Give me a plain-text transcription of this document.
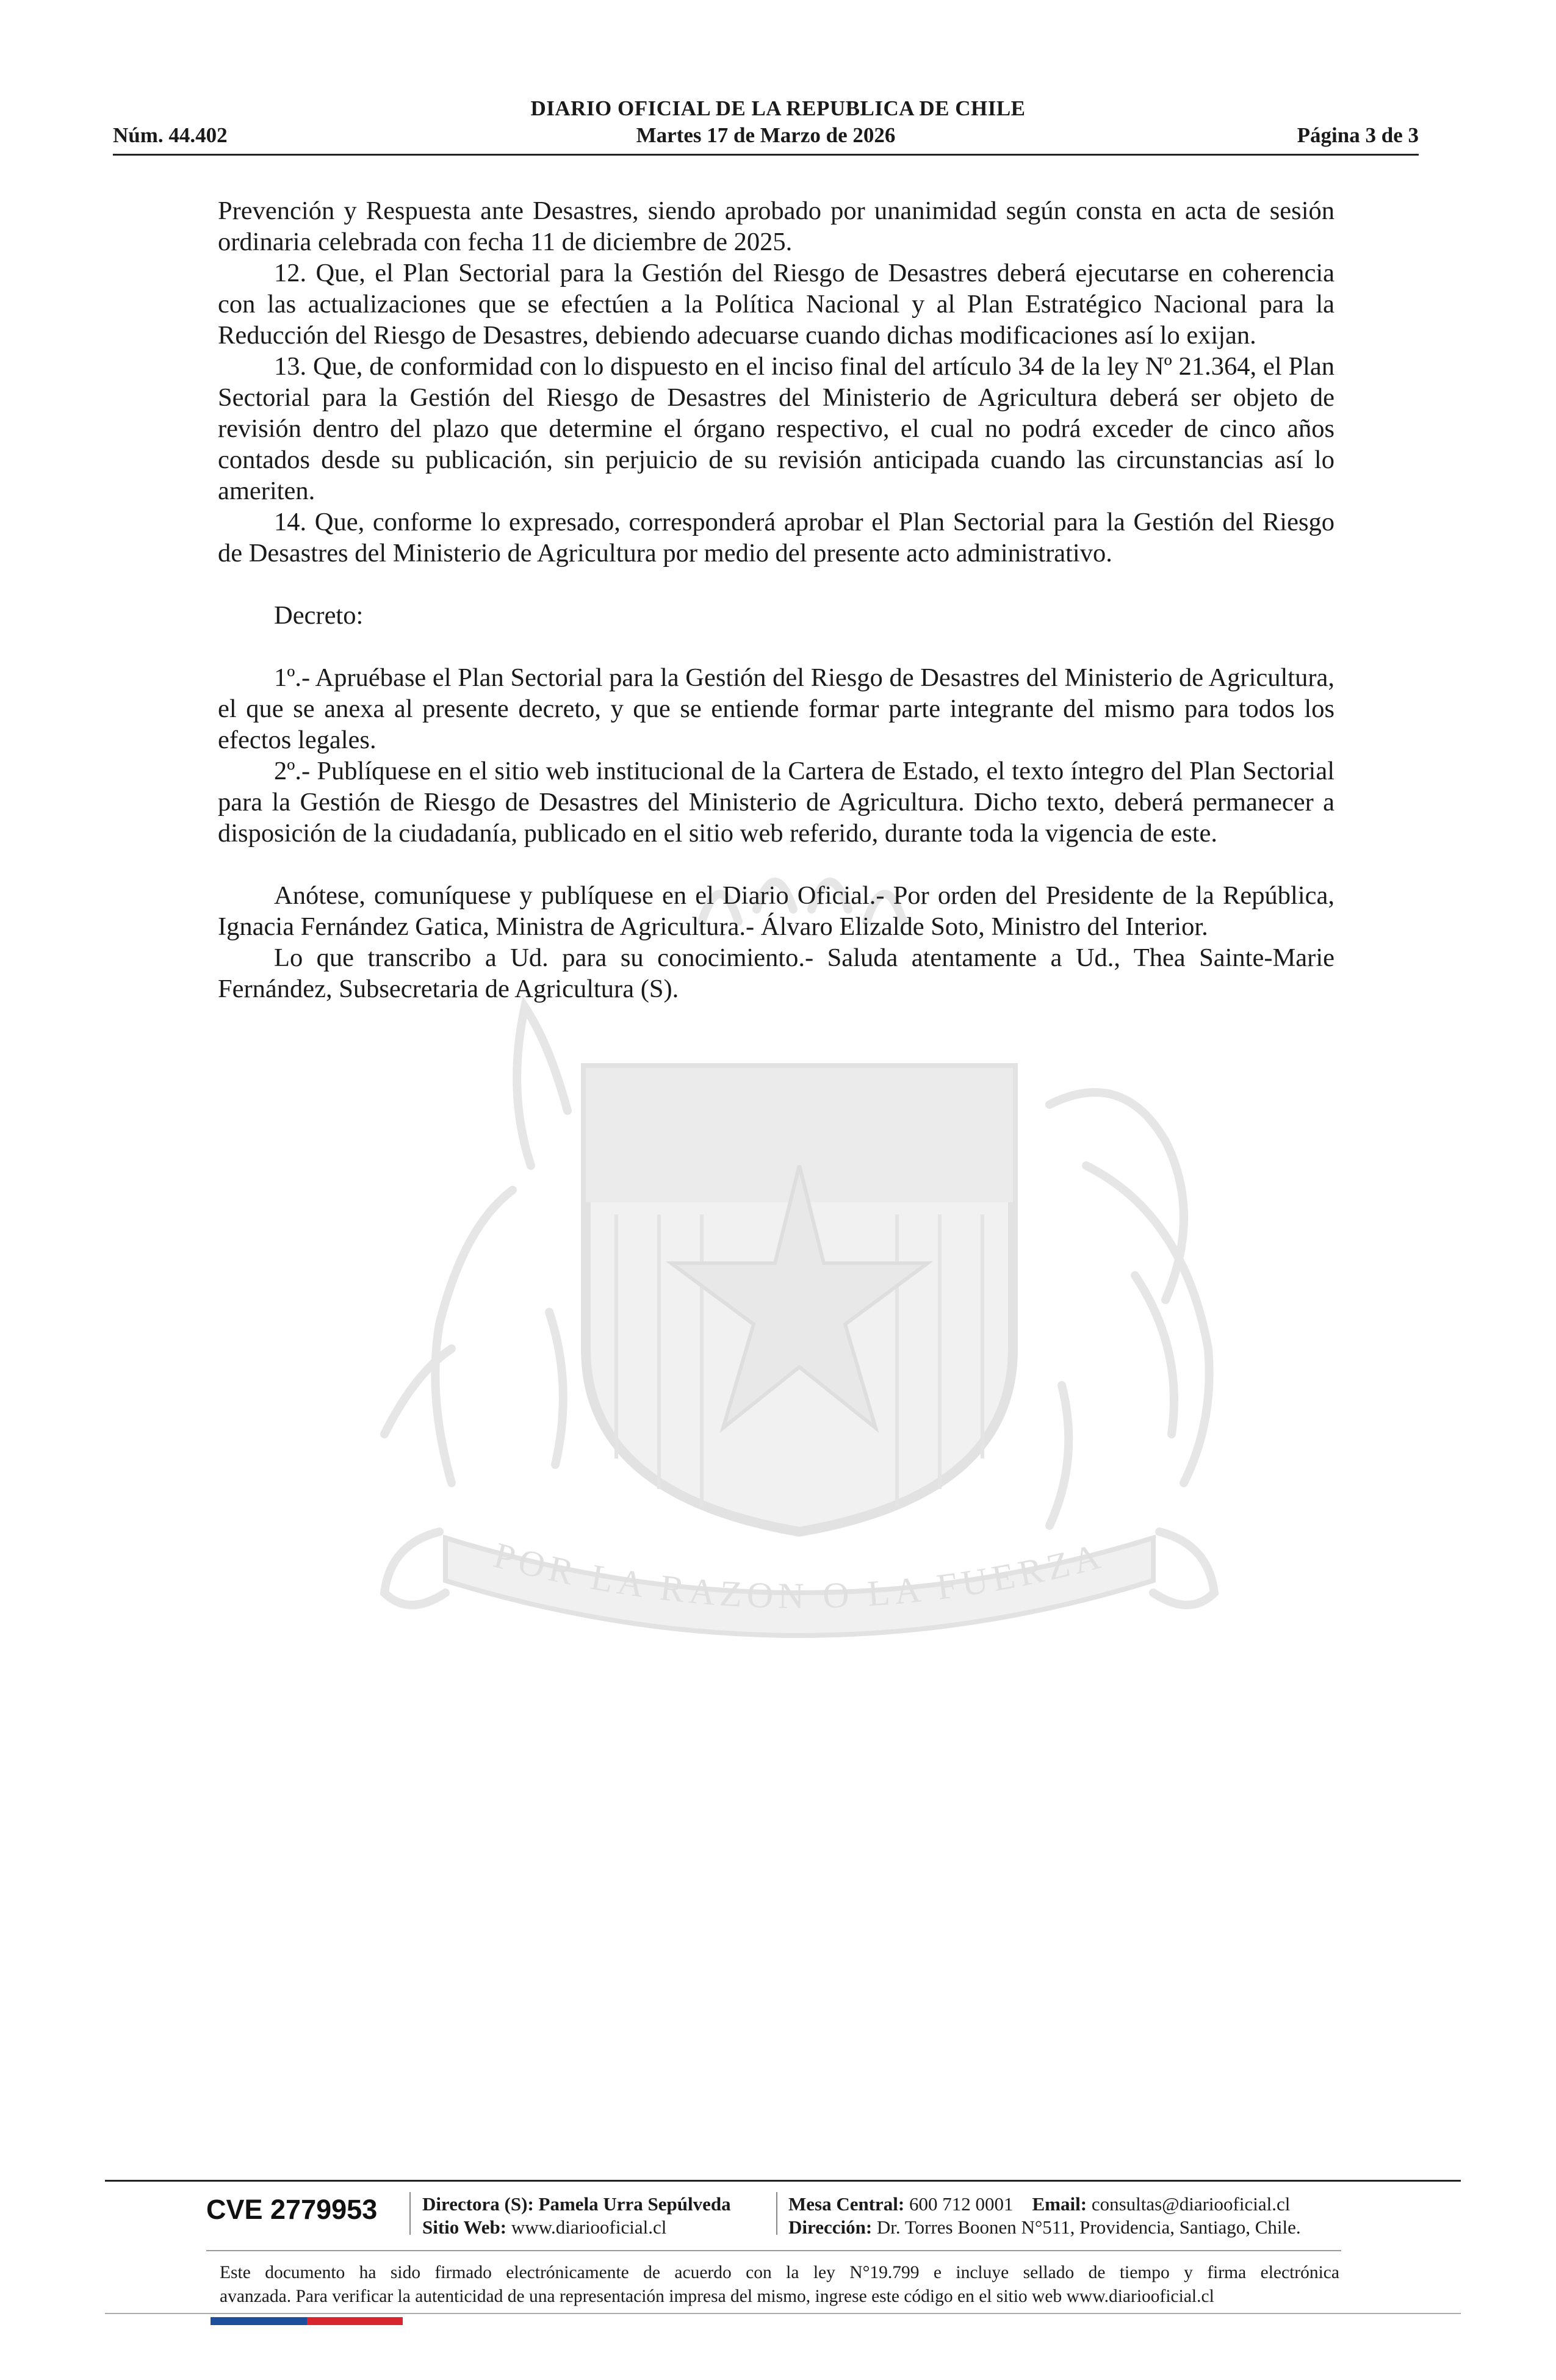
DIARIO OFICIAL DE LA REPUBLICA DE CHILE
Núm. 44.402	Martes 17 de Marzo de 2026	Página 3 de 3
POR LA RAZON O LA FUERZA

Prevención y Respuesta ante Desastres, siendo aprobado por unanimidad según consta en acta de sesión ordinaria celebrada con fecha 11 de diciembre de 2025.

12. Que, el Plan Sectorial para la Gestión del Riesgo de Desastres deberá ejecutarse en coherencia con las actualizaciones que se efectúen a la Política Nacional y al Plan Estratégico Nacional para la Reducción del Riesgo de Desastres, debiendo adecuarse cuando dichas modificaciones así lo exijan.

13. Que, de conformidad con lo dispuesto en el inciso final del artículo 34 de la ley Nº 21.364, el Plan Sectorial para la Gestión del Riesgo de Desastres del Ministerio de Agricultura deberá ser objeto de revisión dentro del plazo que determine el órgano respectivo, el cual no podrá exceder de cinco años contados desde su publicación, sin perjuicio de su revisión anticipada cuando las circunstancias así lo ameriten.

14. Que, conforme lo expresado, corresponderá aprobar el Plan Sectorial para la Gestión del Riesgo de Desastres del Ministerio de Agricultura por medio del presente acto administrativo.

Decreto:

1º.- Apruébase el Plan Sectorial para la Gestión del Riesgo de Desastres del Ministerio de Agricultura, el que se anexa al presente decreto, y que se entiende formar parte integrante del mismo para todos los efectos legales.

2º.- Publíquese en el sitio web institucional de la Cartera de Estado, el texto íntegro del Plan Sectorial para la Gestión de Riesgo de Desastres del Ministerio de Agricultura. Dicho texto, deberá permanecer a disposición de la ciudadanía, publicado en el sitio web referido, durante toda la vigencia de este.

Anótese, comuníquese y publíquese en el Diario Oficial.- Por orden del Presidente de la República, Ignacia Fernández Gatica, Ministra de Agricultura.- Álvaro Elizalde Soto, Ministro del Interior.

Lo que transcribo a Ud. para su conocimiento.- Saluda atentamente a Ud., Thea Sainte-Marie Fernández, Subsecretaria de Agricultura (S).

CVE 2779953 Directora (S): Pamela Urra Sepúlveda
Sitio Web: www.diariooficial.cl
Mesa Central: 600 712 0001 Email: consultas@diariooficial.cl
Dirección: Dr. Torres Boonen N°511, Providencia, Santiago, Chile.
Este documento ha sido firmado electrónicamente de acuerdo con la ley N°19.799 e incluye sellado de tiempo y firma electrónica
avanzada. Para verificar la autenticidad de una representación impresa del mismo, ingrese este código en el sitio web www.diariooficial.cl
